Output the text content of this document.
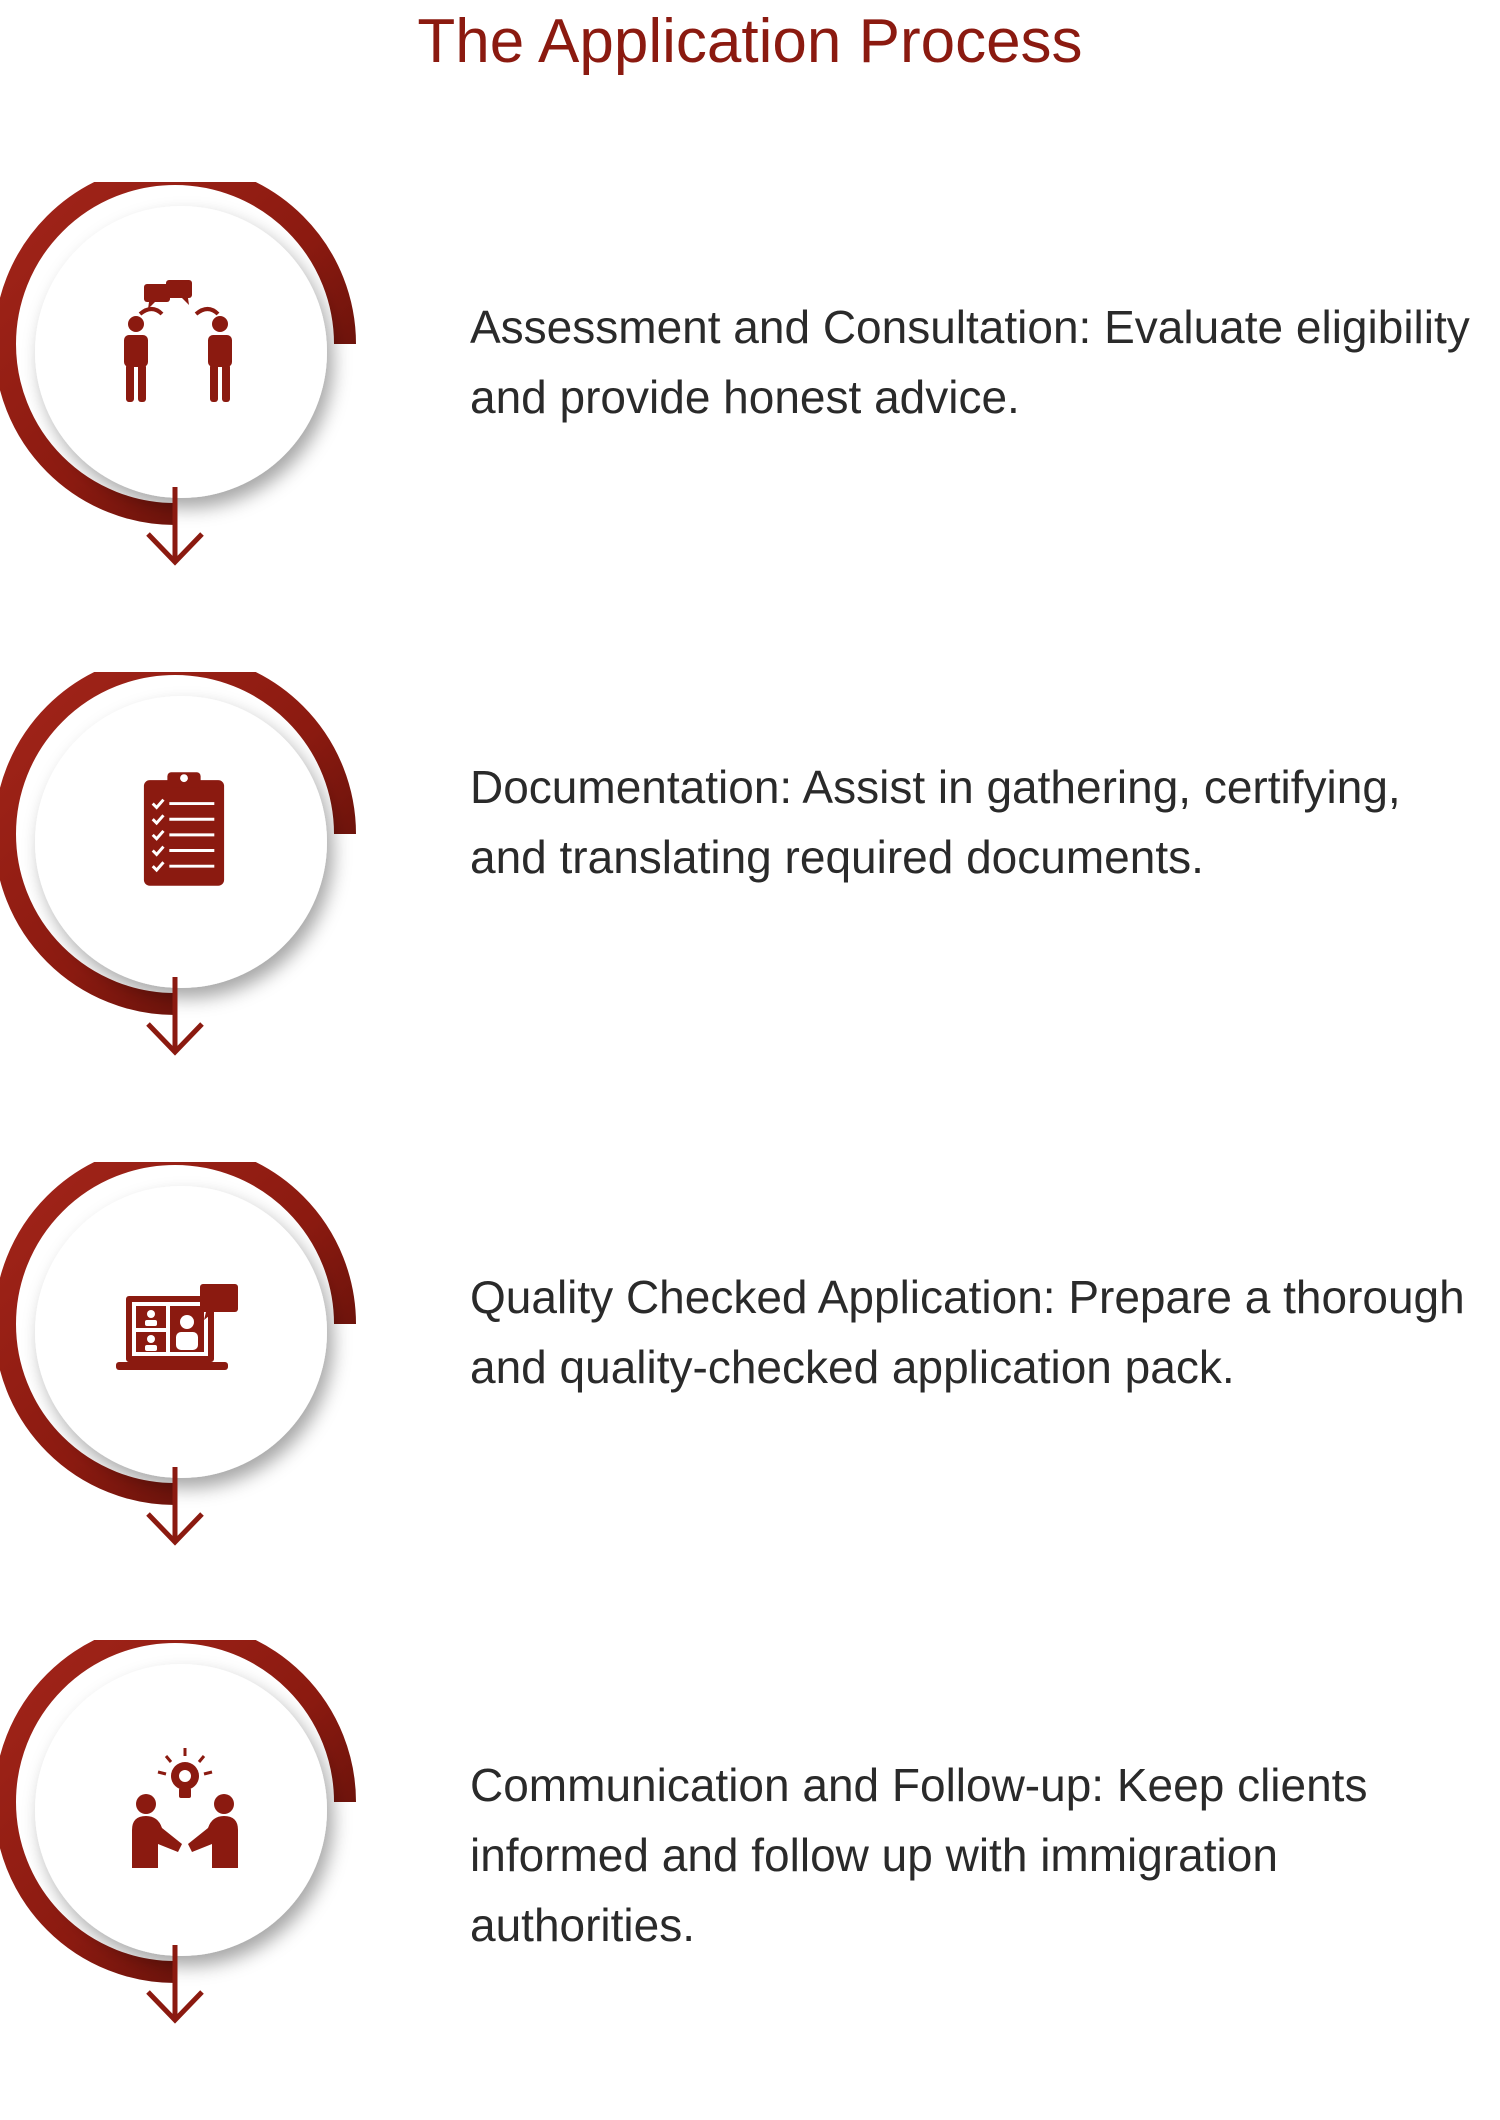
The Application Process
Assessment and Consultation: Evaluate eligibility and provide honest advice.
Documentation: Assist in gathering, certifying, and translating required documents.
Quality Checked Application: Prepare a thorough and quality-checked application pack.
Communication and Follow-up: Keep clients informed and follow up with immigration authorities.
